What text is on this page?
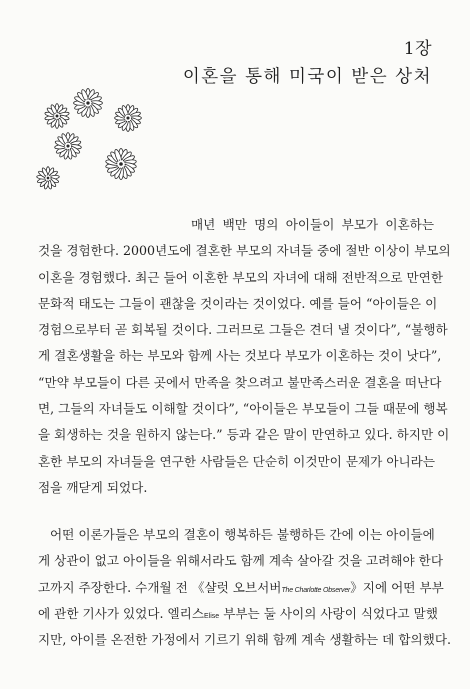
1장
이혼을 통해 미국이 받은 상처
매년 백만 명의 아이들이 부모가 이혼하는
것을 경험한다. 2000년도에 결혼한 부모의 자녀들 중에 절반 이상이 부모의
이혼을 경험했다. 최근 들어 이혼한 부모의 자녀에 대해 전반적으로 만연한
문화적 태도는 그들이 괜찮을 것이라는 것이었다. 예를 들어 “아이들은 이
경험으로부터 곧 회복될 것이다. 그러므로 그들은 견더 낼 것이다”, “불행하
게 결혼생활을 하는 부모와 함께 사는 것보다 부모가 이혼하는 것이 낫다”,
“만약 부모들이 다른 곳에서 만족을 찾으려고 불만족스러운 결혼을 떠난다
면, 그들의 자녀들도 이해할 것이다”, “아이들은 부모들이 그들 때문에 행복
을 회생하는 것을 원하지 않는다.” 등과 같은 말이 만연하고 있다. 하지만 이
혼한 부모의 자녀들을 연구한 사람들은 단순히 이것만이 문제가 아니라는
점을 깨닫게 되었다.
어떤 이론가들은 부모의 결혼이 행복하든 불행하든 간에 이는 아이들에
게 상관이 없고 아이들을 위해서라도 함께 계속 살아갈 것을 고려해야 한다
고까지 주장한다. 수개월 전 《샬럿 오브서버The Charlotte Observer》지에 어떤 부부
에 관한 기사가 있었다. 엘리스Elise 부부는 둘 사이의 사랑이 식었다고 말했
지만, 아이를 온전한 가정에서 기르기 위해 함께 계속 생활하는 데 합의했다.
